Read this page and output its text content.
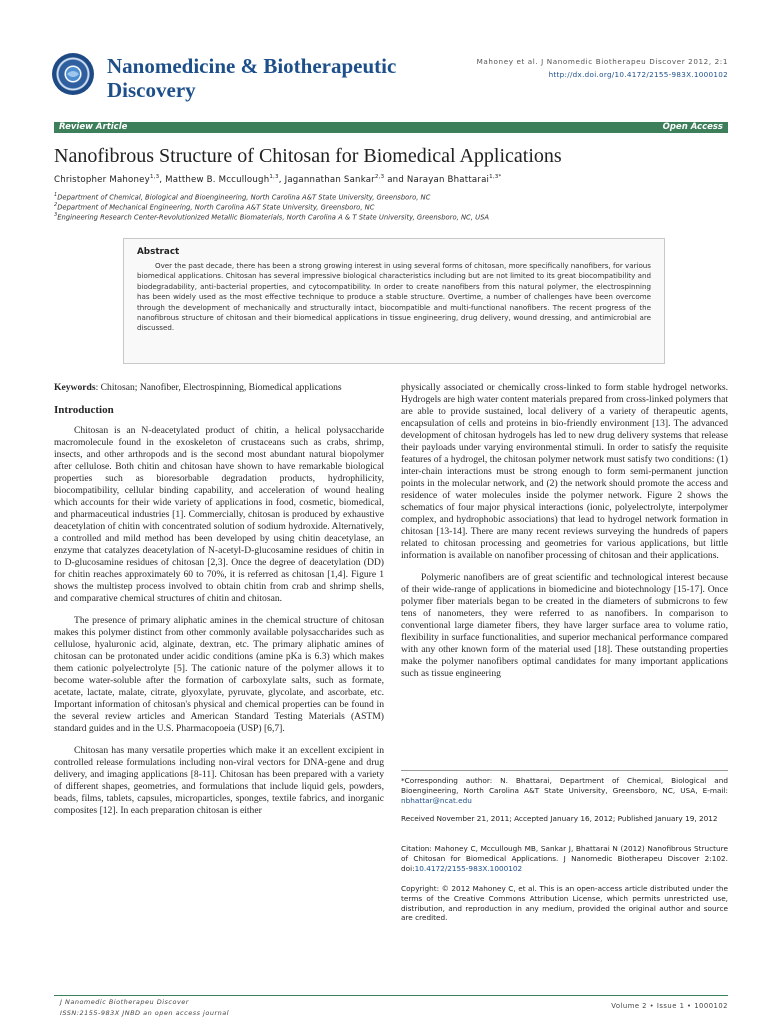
Nanomedicine & Biotherapeutic Discovery
Mahoney et al. J Nanomedic Biotherapeu Discover 2012, 2:1
http://dx.doi.org/10.4172/2155-983X.1000102
Review Article	Open Access
Nanofibrous Structure of Chitosan for Biomedical Applications
Christopher Mahoney$^{1,3}$, Matthew B. Mccullough$^{1,3}$, Jagannathan Sankar$^{2,3}$ and Narayan Bhattarai$^{1,3*}$
$^1$Department of Chemical, Biological and Bioengineering, North Carolina A&T State University, Greensboro, NC
$^2$Department of Mechanical Engineering, North Carolina A&T State University, Greensboro, NC
$^3$Engineering Research Center-Revolutionized Metallic Biomaterials, North Carolina A & T State University, Greensboro, NC, USA
Abstract
Over the past decade, there has been a strong growing interest in using several forms of chitosan, more specifically nanofibers, for various biomedical applications. Chitosan has several impressive biological characteristics including but are not limited to its great biocompatibility and biodegradability, anti-bacterial properties, and cytocompatibility. In order to create nanofibers from this natural polymer, the electrospinning has been widely used as the most effective technique to produce a stable structure. Overtime, a number of challenges have been overcome through the development of mechanically and structurally intact, biocompatible and multi-functional nanofibers. The recent progress of the nanofibrous structure of chitosan and their biomedical applications in tissue engineering, drug delivery, wound dressing, and antimicrobial are discussed.

Keywords: Chitosan; Nanofiber, Electrospinning, Biomedical applications

Introduction

Chitosan is an N-deacetylated product of chitin, a helical polysaccharide macromolecule found in the exoskeleton of crustaceans such as crabs, shrimp, insects, and other arthropods and is the second most abundant natural biopolymer after cellulose. Both chitin and chitosan have shown to have remarkable biological properties such as bioresorbable degradation products, hydrophilicity, biocompatibility, cellular binding capability, and acceleration of wound healing which accounts for their wide variety of applications in food, cosmetic, biomedical, and pharmaceutical industries [1]. Commercially, chitosan is produced by exhaustive deacetylation of chitin with concentrated solution of sodium hydroxide. Alternatively, a controlled and mild method has been developed by using chitin deacetylase, an enzyme that catalyzes deacetylation of N-acetyl-D-glucosamine residues of chitin in to D-glucosamine residues of chitosan [2,3]. Once the degree of deacetylation (DD) for chitin reaches approximately 60 to 70%, it is referred as chitosan [1,4]. Figure 1 shows the multistep process involved to obtain chitin from crab and shrimp shells, and comparative chemical structures of chitin and chitosan.

The presence of primary aliphatic amines in the chemical structure of chitosan makes this polymer distinct from other commonly available polysaccharides such as cellulose, hyaluronic acid, alginate, dextran, etc. The primary aliphatic amines of chitosan can be protonated under acidic conditions (amine pKa is 6.3) which makes them cationic polyelectrolyte [5]. The cationic nature of the polymer allows it to become water-soluble after the formation of carboxylate salts, such as formate, acetate, lactate, malate, citrate, glyoxylate, pyruvate, glycolate, and ascorbate, etc. Important information of chitosan's physical and chemical properties can be found in the several review articles and American Standard Testing Materials (ASTM) standard guides and in the U.S. Pharmacopoeia (USP) [6,7].

Chitosan has many versatile properties which make it an excellent excipient in controlled release formulations including non-viral vectors for DNA-gene and drug delivery, and imaging applications [8-11]. Chitosan has been prepared with a variety of different shapes, geometries, and formulations that include liquid gels, powders, beads, films, tablets, capsules, microparticles, sponges, textile fabrics, and inorganic composites [12]. In each preparation chitosan is either

physically associated or chemically cross-linked to form stable hydrogel networks. Hydrogels are high water content materials prepared from cross-linked polymers that are able to provide sustained, local delivery of a variety of therapeutic agents, encapsulation of cells and proteins in bio-friendly environment [13]. The advanced development of chitosan hydrogels has led to new drug delivery systems that release their payloads under varying environmental stimuli. In order to satisfy the requisite features of a hydrogel, the chitosan polymer network must satisfy two conditions: (1) inter-chain interactions must be strong enough to form semi-permanent junction points in the molecular network, and (2) the network should promote the access and residence of water molecules inside the polymer network. Figure 2 shows the schematics of four major physical interactions (ionic, polyelectrolyte, interpolymer complex, and hydrophobic associations) that lead to hydrogel network formation in chitosan [13-14]. There are many recent reviews surveying the hundreds of papers related to chitosan processing and geometries for various applications, but little information is available on nanofiber processing of chitosan and their applications.

Polymeric nanofibers are of great scientific and technological interest because of their wide-range of applications in biomedicine and biotechnology [15-17]. Once polymer fiber materials began to be created in the diameters of submicrons to few tens of nanometers, they were referred to as nanofibers. In comparison to conventional large diameter fibers, they have larger surface area to volume ratio, flexibility in surface functionalities, and superior mechanical performance compared with any other known form of the material used [18]. These outstanding properties make the polymer nanofibers optimal candidates for many important applications such as tissue engineering

*Corresponding author: N. Bhattarai, Department of Chemical, Biological and Bioengineering, North Carolina A&T State University, Greensboro, NC, USA, E-mail: nbhattar@ncat.edu
Received November 21, 2011; Accepted January 16, 2012; Published January 19, 2012
Citation: Mahoney C, Mccullough MB, Sankar J, Bhattarai N (2012) Nanofibrous Structure of Chitosan for Biomedical Applications. J Nanomedic Biotherapeu Discover 2:102. doi:10.4172/2155-983X.1000102
Copyright: © 2012 Mahoney C, et al. This is an open-access article distributed under the terms of the Creative Commons Attribution License, which permits unrestricted use, distribution, and reproduction in any medium, provided the original author and source are credited.
J Nanomedic Biotherapeu Discover
ISSN:2155-983X JNBD an open access journal
Volume 2 • Issue 1 • 1000102
